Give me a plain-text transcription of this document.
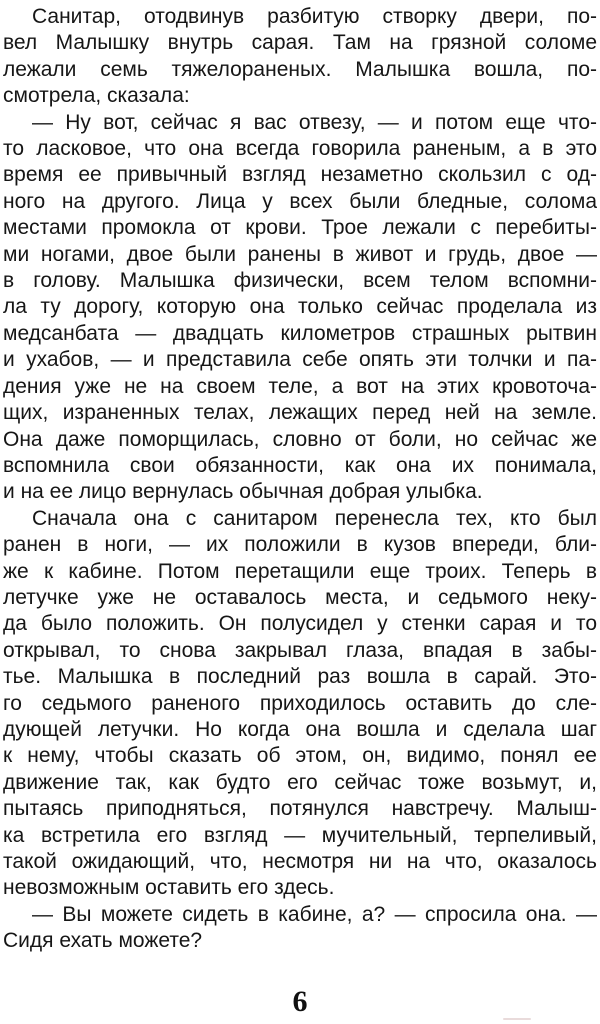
Санитар, отодвинув разбитую створку двери, по-
вел Малышку внутрь сарая. Там на грязной соломе
лежали семь тяжелораненых. Малышка вошла, по-
смотрела, сказала:
— Ну вот, сейчас я вас отвезу, — и потом еще что-
то ласковое, что она всегда говорила раненым, а в это
время ее привычный взгляд незаметно скользил с од-
ного на другого. Лица у всех были бледные, солома
местами промокла от крови. Трое лежали с перебиты-
ми ногами, двое были ранены в живот и грудь, двое —
в голову. Малышка физически, всем телом вспомни-
ла ту дорогу, которую она только сейчас проделала из
медсанбата — двадцать километров страшных рытвин
и ухабов, — и представила себе опять эти толчки и па-
дения уже не на своем теле, а вот на этих кровоточа-
щих, израненных телах, лежащих перед ней на земле.
Она даже поморщилась, словно от боли, но сейчас же
вспомнила свои обязанности, как она их понимала,
и на ее лицо вернулась обычная добрая улыбка.
Сначала она с санитаром перенесла тех, кто был
ранен в ноги, — их положили в кузов впереди, бли-
же к кабине. Потом перетащили еще троих. Теперь в
летучке уже не оставалось места, и седьмого неку-
да было положить. Он полусидел у стенки сарая и то
открывал, то снова закрывал глаза, впадая в забы-
тье. Малышка в последний раз вошла в сарай. Это-
го седьмого раненого приходилось оставить до сле-
дующей летучки. Но когда она вошла и сделала шаг
к нему, чтобы сказать об этом, он, видимо, понял ее
движение так, как будто его сейчас тоже возьмут, и,
пытаясь приподняться, потянулся навстречу. Малыш-
ка встретила его взгляд — мучительный, терпеливый,
такой ожидающий, что, несмотря ни на что, оказалось
невозможным оставить его здесь.
— Вы можете сидеть в кабине, а? — спросила она. —
Сидя ехать можете?
6
